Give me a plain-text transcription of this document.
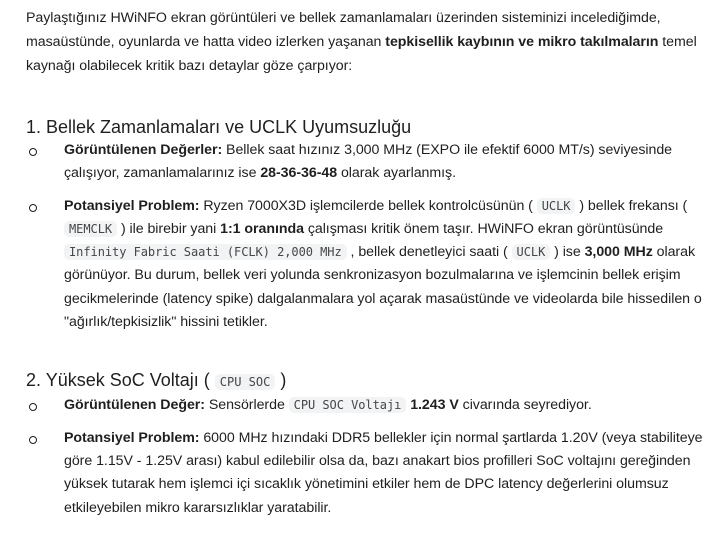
Paylaştığınız HWiNFO ekran görüntüleri ve bellek zamanlamaları üzerinden sisteminizi incelediğimde, masaüstünde, oyunlarda ve hatta video izlerken yaşanan tepkisellik kaybının ve mikro takılmaların temel kaynağı olabilecek kritik bazı detaylar göze çarpıyor:

1. Bellek Zamanlamaları ve UCLK Uyumsuzluğu
Görüntülenen Değerler: Bellek saat hızınız 3,000 MHz (EXPO ile efektif 6000 MT/s) seviyesinde çalışıyor, zamanlamalarınız ise 28-36-36-48 olarak ayarlanmış.
Potansiyel Problem: Ryzen 7000X3D işlemcilerde bellek kontrolcüsünün ( UCLK ) bellek frekansı ( MEMCLK ) ile birebir yani 1:1 oranında çalışması kritik önem taşır. HWiNFO ekran görüntüsünde Infinity Fabric Saati (FCLK) 2,000 MHz , bellek denetleyici saati ( UCLK ) ise 3,000 MHz olarak görünüyor. Bu durum, bellek veri yolunda senkronizasyon bozulmalarına ve işlemcinin bellek erişim gecikmelerinde (latency spike) dalgalanmalara yol açarak masaüstünde ve videolarda bile hissedilen o "ağırlık/tepkisizlik" hissini tetikler.
2. Yüksek SoC Voltajı ( CPU SOC )
Görüntülenen Değer: Sensörlerde CPU SOC Voltajı 1.243 V civarında seyrediyor.
Potansiyel Problem: 6000 MHz hızındaki DDR5 bellekler için normal şartlarda 1.20V (veya stabiliteye göre 1.15V - 1.25V arası) kabul edilebilir olsa da, bazı anakart bios profilleri SoC voltajını gereğinden yüksek tutarak hem işlemci içi sıcaklık yönetimini etkiler hem de DPC latency değerlerini olumsuz etkileyebilen mikro kararsızlıklar yaratabilir.
